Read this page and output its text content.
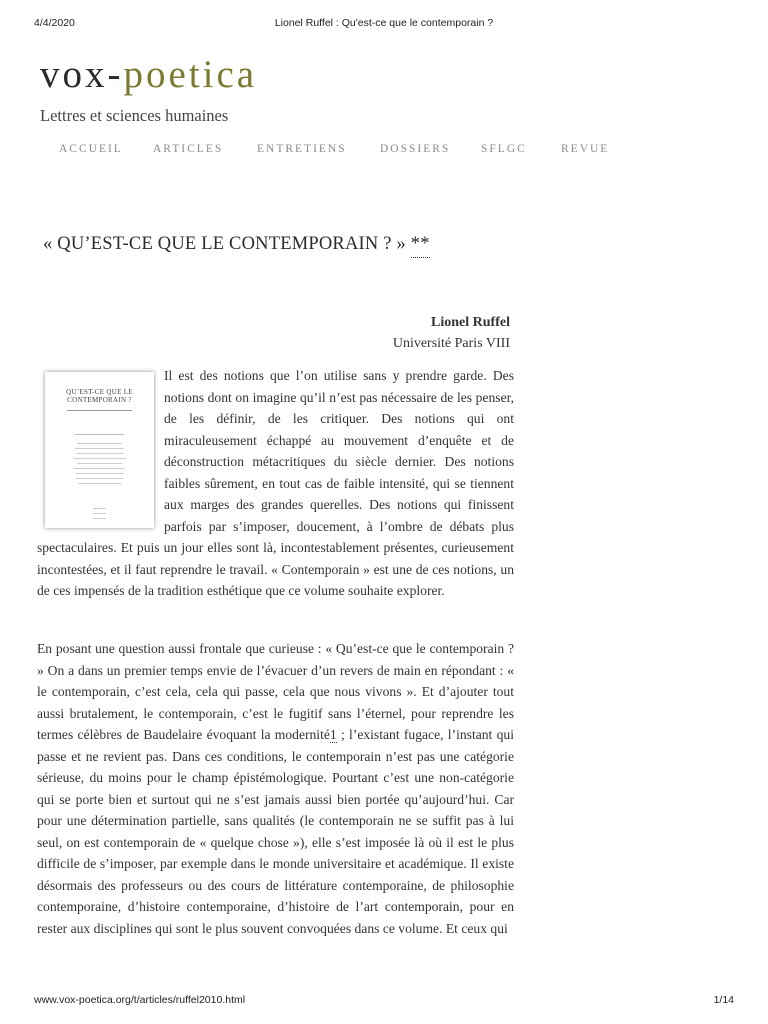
4/4/2020	Lionel Ruffel : Qu'est-ce que le contemporain ?
vox-poetica
Lettres et sciences humaines
ACCUEIL	ARTICLES	ENTRETIENS	DOSSIERS	SFLGC	REVUE
« QU’EST-CE QUE LE CONTEMPORAIN ? » **
Lionel Ruffel
Université Paris VIII

Il est des notions que l’on utilise sans y prendre garde. Des notions dont on imagine qu’il n’est pas nécessaire de les penser, de les définir, de les critiquer. Des notions qui ont miraculeusement échappé au mouvement d’enquête et de déconstruction métacritiques du siècle dernier. Des notions faibles sûrement, en tout cas de faible intensité, qui se tiennent aux marges des grandes querelles. Des notions qui finissent parfois par s’imposer, doucement, à l’ombre de débats plus spectaculaires. Et puis un jour elles sont là, incontestablement présentes, curieusement incontestées, et il faut reprendre le travail. « Contemporain » est une de ces notions, un de ces impensés de la tradition esthétique que ce volume souhaite explorer.

QU’EST-CE QUE LE
CONTEMPORAIN ?

En posant une question aussi frontale que curieuse : « Qu’est-ce que le contemporain ? » On a dans un premier temps envie de l’évacuer d’un revers de main en répondant : « le contemporain, c’est cela, cela qui passe, cela que nous vivons ». Et d’ajouter tout aussi brutalement, le contemporain, c’est le fugitif sans l’éternel, pour reprendre les termes célèbres de Baudelaire évoquant la modernité1 ; l’existant fugace, l’instant qui passe et ne revient pas. Dans ces conditions, le contemporain n’est pas une catégorie sérieuse, du moins pour le champ épistémologique. Pourtant c’est une non-catégorie qui se porte bien et surtout qui ne s’est jamais aussi bien portée qu’aujourd’hui. Car pour une détermination partielle, sans qualités (le contemporain ne se suffit pas à lui seul, on est contemporain de « quelque chose »), elle s’est imposée là où il est le plus difficile de s’imposer, par exemple dans le monde universitaire et académique. Il existe désormais des professeurs ou des cours de littérature contemporaine, de philosophie contemporaine, d’histoire contemporaine, d’histoire de l’art contemporain, pour en rester aux disciplines qui sont le plus souvent convoquées dans ce volume. Et ceux qui

www.vox-poetica.org/t/articles/ruffel2010.html	1/14
